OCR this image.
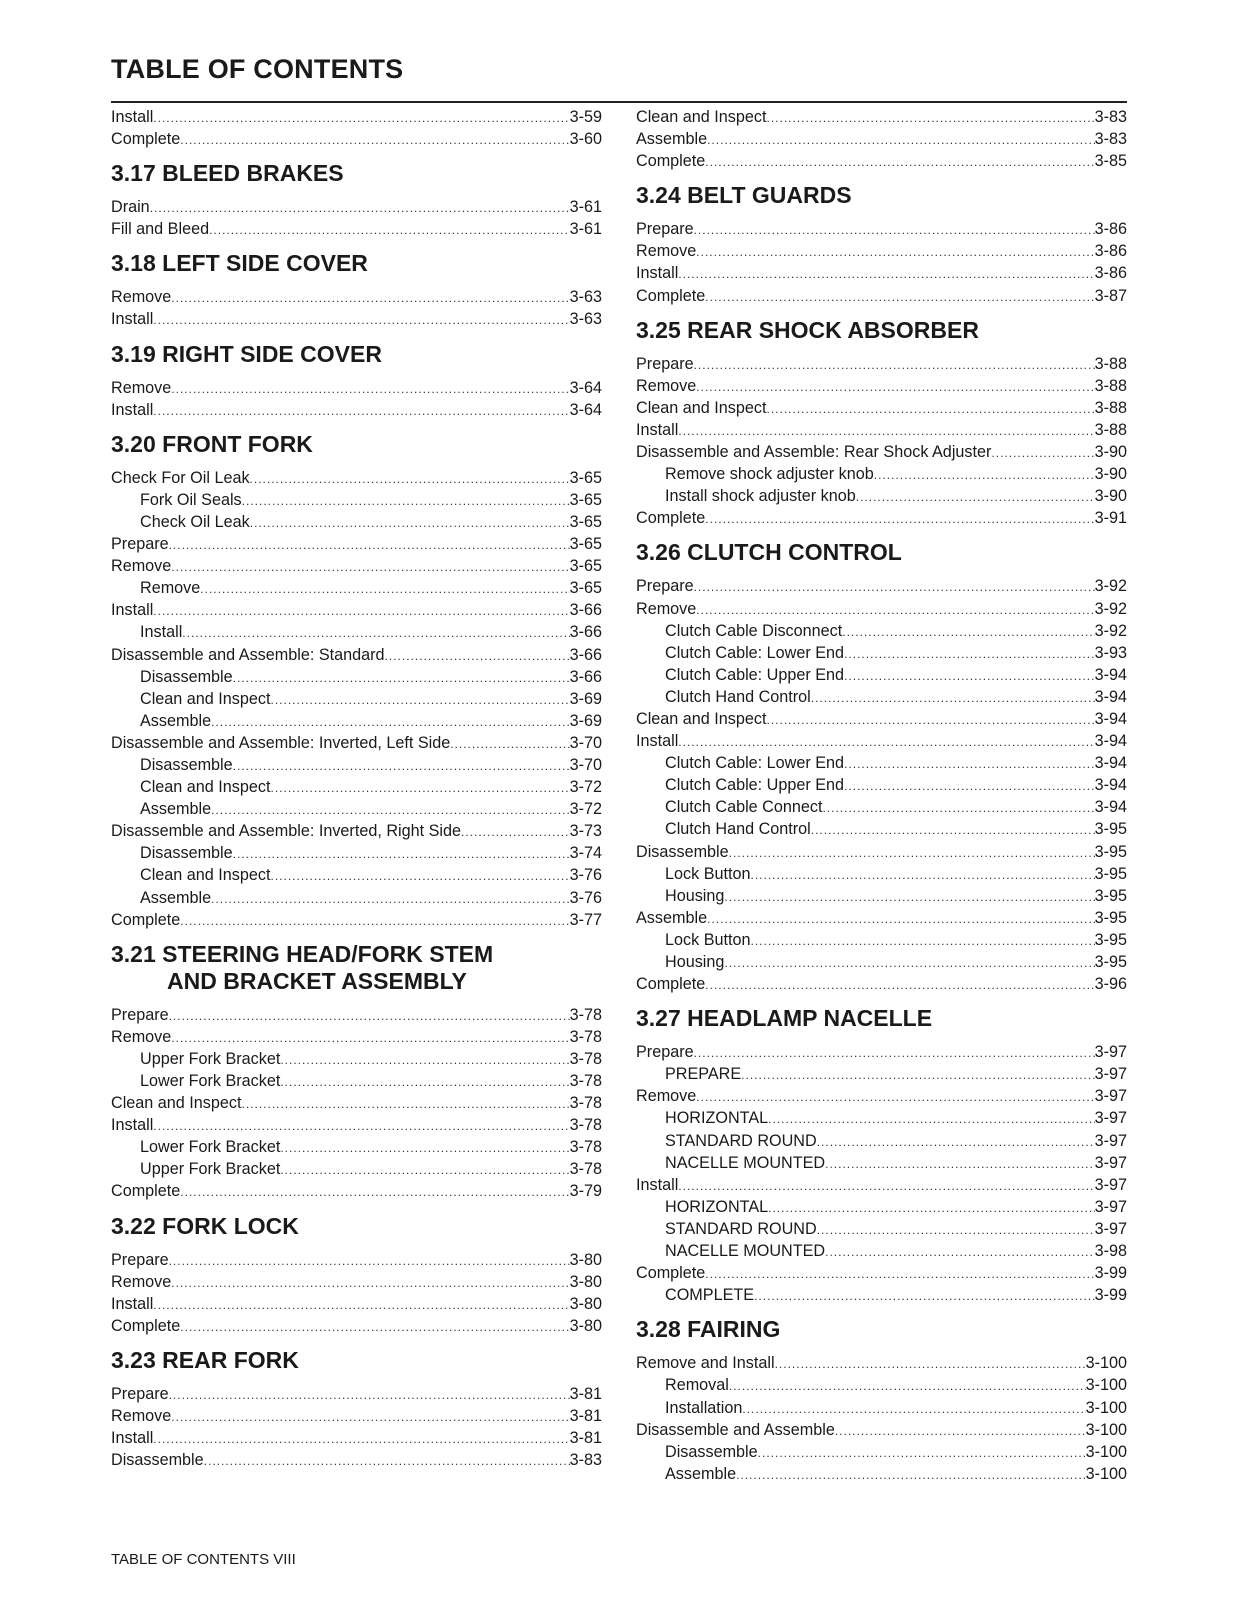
TABLE OF CONTENTS
Install .....	3-59
Complete .....	3-60
3.17 BLEED BRAKES
Drain .....	3-61
Fill and Bleed .....	3-61
3.18 LEFT SIDE COVER
Remove .....	3-63
Install .....	3-63
3.19 RIGHT SIDE COVER
Remove .....	3-64
Install .....	3-64
3.20 FRONT FORK
Check For Oil Leak .....	3-65
Fork Oil Seals .....	3-65
Check Oil Leak .....	3-65
Prepare .....	3-65
Remove .....	3-65
Remove .....	3-65
Install .....	3-66
Install .....	3-66
Disassemble and Assemble: Standard .....	3-66
Disassemble .....	3-66
Clean and Inspect .....	3-69
Assemble .....	3-69
Disassemble and Assemble: Inverted, Left Side .....	3-70
Disassemble .....	3-70
Clean and Inspect .....	3-72
Assemble .....	3-72
Disassemble and Assemble: Inverted, Right Side .....	3-73
Disassemble .....	3-74
Clean and Inspect .....	3-76
Assemble .....	3-76
Complete .....	3-77
3.21 STEERING HEAD/FORK STEM
AND BRACKET ASSEMBLY
Prepare .....	3-78
Remove .....	3-78
Upper Fork Bracket .....	3-78
Lower Fork Bracket .....	3-78
Clean and Inspect .....	3-78
Install .....	3-78
Lower Fork Bracket .....	3-78
Upper Fork Bracket .....	3-78
Complete .....	3-79
3.22 FORK LOCK
Prepare .....	3-80
Remove .....	3-80
Install .....	3-80
Complete .....	3-80
3.23 REAR FORK
Prepare .....	3-81
Remove .....	3-81
Install .....	3-81
Disassemble .....	3-83
Clean and Inspect .....	3-83
Assemble .....	3-83
Complete .....	3-85
3.24 BELT GUARDS
Prepare .....	3-86
Remove .....	3-86
Install .....	3-86
Complete .....	3-87
3.25 REAR SHOCK ABSORBER
Prepare .....	3-88
Remove .....	3-88
Clean and Inspect .....	3-88
Install .....	3-88
Disassemble and Assemble: Rear Shock Adjuster .....	3-90
Remove shock adjuster knob .....	3-90
Install shock adjuster knob .....	3-90
Complete .....	3-91
3.26 CLUTCH CONTROL
Prepare .....	3-92
Remove .....	3-92
Clutch Cable Disconnect .....	3-92
Clutch Cable: Lower End .....	3-93
Clutch Cable: Upper End .....	3-94
Clutch Hand Control .....	3-94
Clean and Inspect .....	3-94
Install .....	3-94
Clutch Cable: Lower End .....	3-94
Clutch Cable: Upper End .....	3-94
Clutch Cable Connect .....	3-94
Clutch Hand Control .....	3-95
Disassemble .....	3-95
Lock Button .....	3-95
Housing .....	3-95
Assemble .....	3-95
Lock Button .....	3-95
Housing .....	3-95
Complete .....	3-96
3.27 HEADLAMP NACELLE
Prepare .....	3-97
PREPARE .....	3-97
Remove .....	3-97
HORIZONTAL .....	3-97
STANDARD ROUND .....	3-97
NACELLE MOUNTED .....	3-97
Install .....	3-97
HORIZONTAL .....	3-97
STANDARD ROUND .....	3-97
NACELLE MOUNTED .....	3-98
Complete .....	3-99
COMPLETE .....	3-99
3.28 FAIRING
Remove and Install .....	3-100
Removal .....	3-100
Installation .....	3-100
Disassemble and Assemble .....	3-100
Disassemble .....	3-100
Assemble .....	3-100
TABLE OF CONTENTS VIII
